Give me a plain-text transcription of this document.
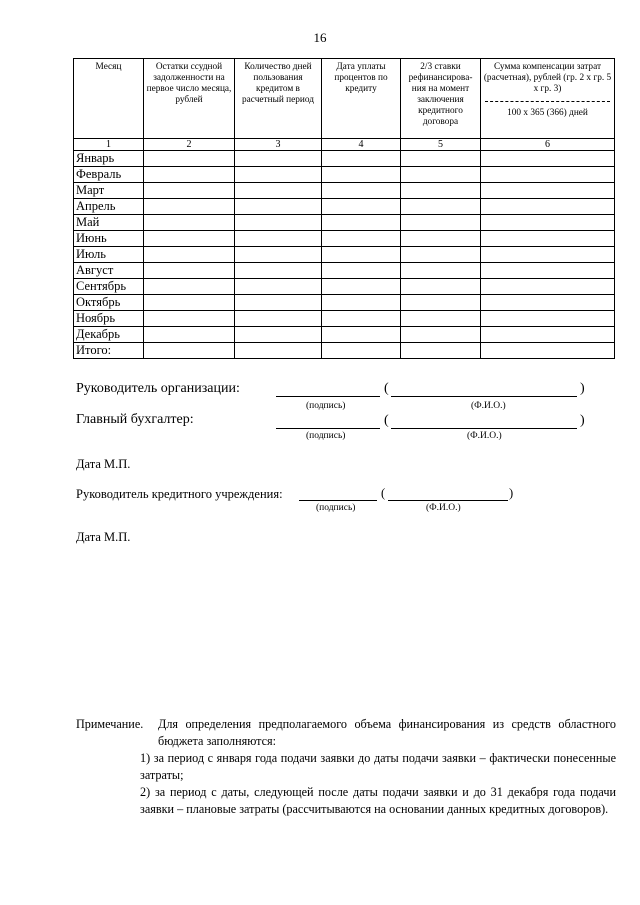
16
Месяц	Остатки ссудной задолженности на первое число месяца, рублей	Количество дней пользования кредитом в расчетный период	Дата уплаты процентов по кредиту	2/3 ставки рефинансирова-ния на момент заключения кредитного договора	Сумма компенсации затрат (расчетная), рублей (гр. 2 х гр. 5 х гр. 3)
100 х 365 (366) дней

1	2	3	4	5	6
Январь					
Февраль					
Март					
Апрель					
Май					
Июнь					
Июль					
Август					
Сентябрь					
Октябрь					
Ноябрь					
Декабрь					
Итого:					
Руководитель организации:	(	)
(подпись)	(Ф.И.О.)
Главный бухгалтер:	(	)
(подпись)	(Ф.И.О.)
Дата М.П.
Руководитель кредитного учреждения:	(	)
(подпись)	(Ф.И.О.)
Дата М.П.
Примечание.	Для определения предполагаемого объема финансирования из средств областного бюджета заполняются:
1) за период с января года подачи заявки до даты подачи заявки – фактически понесенные затраты;
2) за период с даты, следующей после даты подачи заявки и до 31 декабря года подачи заявки – плановые затраты (рассчитываются на основании данных кредитных договоров).
